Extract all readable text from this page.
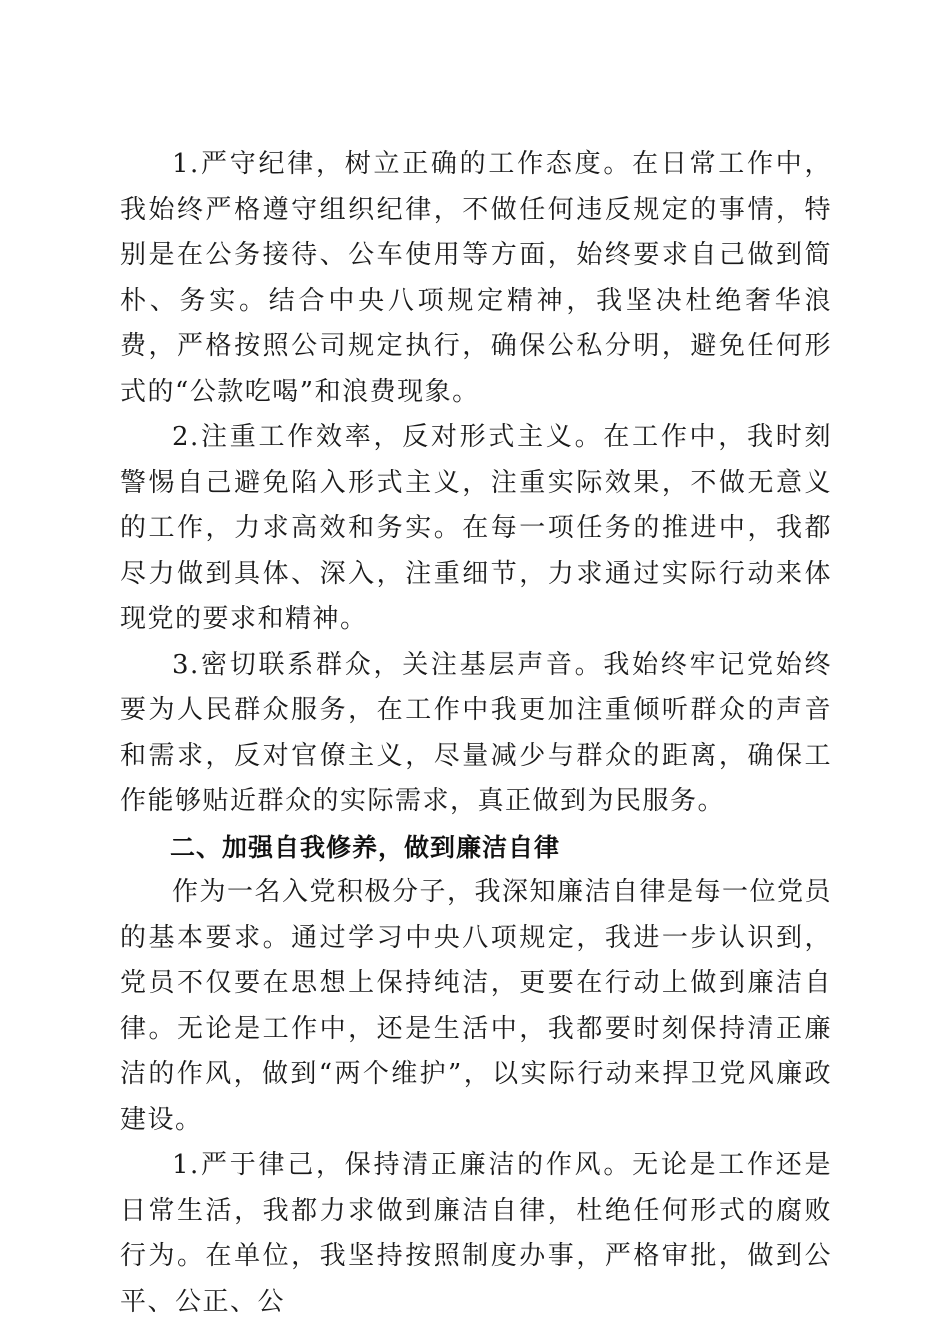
1.严守纪律，树立正确的工作态度。在日常工作中，我始终严格遵守组织纪律，不做任何违反规定的事情，特别是在公务接待、公车使用等方面，始终要求自己做到简朴、务实。结合中央八项规定精神，我坚决杜绝奢华浪费，严格按照公司规定执行，确保公私分明，避免任何形式的“公款吃喝”和浪费现象。

2.注重工作效率，反对形式主义。在工作中，我时刻警惕自己避免陷入形式主义，注重实际效果，不做无意义的工作，力求高效和务实。在每一项任务的推进中，我都尽力做到具体、深入，注重细节，力求通过实际行动来体现党的要求和精神。

3.密切联系群众，关注基层声音。我始终牢记党始终要为人民群众服务，在工作中我更加注重倾听群众的声音和需求，反对官僚主义，尽量减少与群众的距离，确保工作能够贴近群众的实际需求，真正做到为民服务。

二、加强自我修养，做到廉洁自律

作为一名入党积极分子，我深知廉洁自律是每一位党员的基本要求。通过学习中央八项规定，我进一步认识到，党员不仅要在思想上保持纯洁，更要在行动上做到廉洁自律。无论是工作中，还是生活中，我都要时刻保持清正廉洁的作风，做到“两个维护”，以实际行动来捍卫党风廉政建设。

1.严于律己，保持清正廉洁的作风。无论是工作还是日常生活，我都力求做到廉洁自律，杜绝任何形式的腐败行为。在单位，我坚持按照制度办事，严格审批，做到公平、公正、公
